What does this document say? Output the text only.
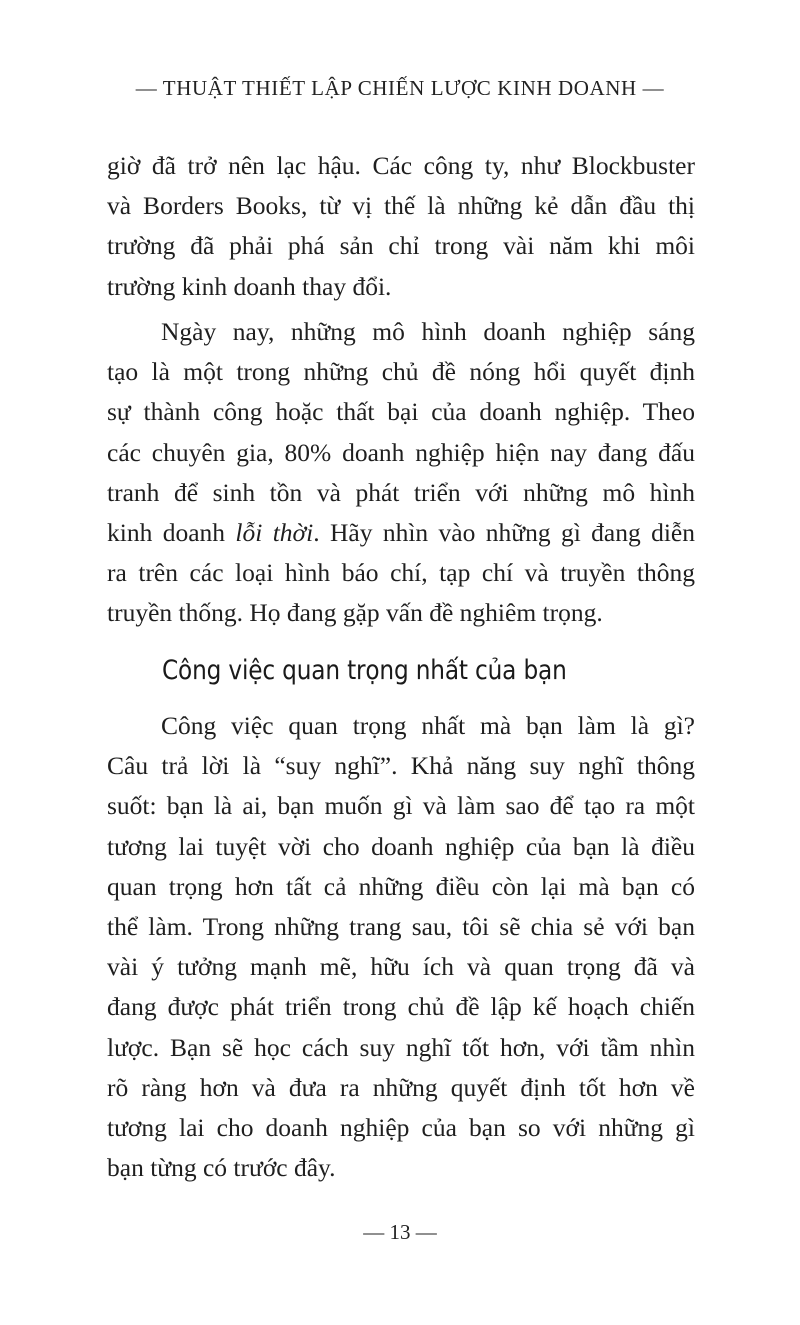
— THUẬT THIẾT LẬP CHIẾN LƯỢC KINH DOANH —

giờ đã trở nên lạc hậu. Các công ty, như Blockbuster
và Borders Books, từ vị thế là những kẻ dẫn đầu thị
trường đã phải phá sản chỉ trong vài năm khi môi
trường kinh doanh thay đổi.

Ngày nay, những mô hình doanh nghiệp sáng
tạo là một trong những chủ đề nóng hổi quyết định
sự thành công hoặc thất bại của doanh nghiệp. Theo
các chuyên gia, 80% doanh nghiệp hiện nay đang đấu
tranh để sinh tồn và phát triển với những mô hình
kinh doanh lỗi thời. Hãy nhìn vào những gì đang diễn
ra trên các loại hình báo chí, tạp chí và truyền thông
truyền thống. Họ đang gặp vấn đề nghiêm trọng.

Công việc quan trọng nhất của bạn

Công việc quan trọng nhất mà bạn làm là gì?
Câu trả lời là “suy nghĩ”. Khả năng suy nghĩ thông
suốt: bạn là ai, bạn muốn gì và làm sao để tạo ra một
tương lai tuyệt vời cho doanh nghiệp của bạn là điều
quan trọng hơn tất cả những điều còn lại mà bạn có
thể làm. Trong những trang sau, tôi sẽ chia sẻ với bạn
vài ý tưởng mạnh mẽ, hữu ích và quan trọng đã và
đang được phát triển trong chủ đề lập kế hoạch chiến
lược. Bạn sẽ học cách suy nghĩ tốt hơn, với tầm nhìn
rõ ràng hơn và đưa ra những quyết định tốt hơn về
tương lai cho doanh nghiệp của bạn so với những gì
bạn từng có trước đây.

— 13 —
